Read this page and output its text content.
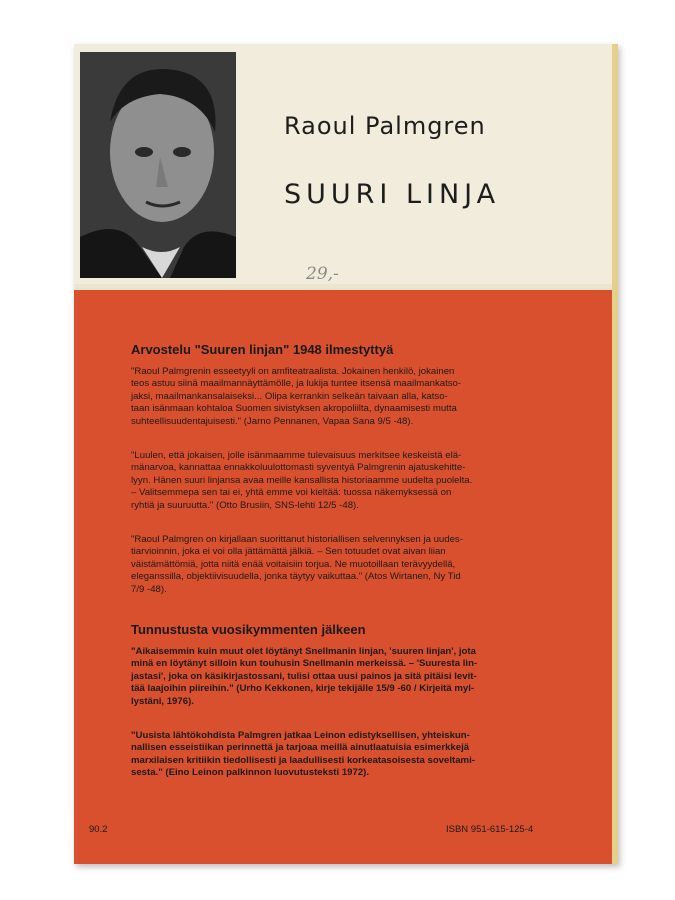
Raoul Palmgren
SUURI LINJA
29,-
Arvostelu "Suuren linjan" 1948 ilmestyttyä

"Raoul Palmgrenin esseetyyli on amfiteatraalista. Jokainen henkilö, jokainen
teos astuu siinä maailmannäyttämölle, ja lukija tuntee itsensä maailmankatso-
jaksi, maailmankansalaiseksi... Olipa kerrankin selkeän taivaan alla, katso-
taan isänmaan kohtaloa Suomen sivistyksen akropoliilta, dynaamisesti mutta
suhteellisuudentajuisesti." (Jarno Pennanen, Vapaa Sana 9/5 -48).

"Luulen, että jokaisen, jolle isänmaamme tulevaisuus merkitsee keskeistä elä-
mänarvoa, kannattaa ennakkoluulottomasti syventyä Palmgrenin ajatuskehitte-
lyyn. Hänen suuri linjansa avaa meille kansallista historiaamme uudelta puolelta.
– Valitsemmepa sen tai ei, yhtä emme voi kieltää: tuossa näkemyksessä on
ryhtiä ja suuruutta." (Otto Brusiin, SNS-lehti 12/5 -48).

"Raoul Palmgren on kirjallaan suorittanut historiallisen selvennyksen ja uudes-
tiarvioinnin, joka ei voi olla jättämättä jälkiä. – Sen totuudet ovat aivan liian
väistämättömiä, jotta niitä enää voitaisiin torjua. Ne muotoillaan terävyydellä,
eleganssilla, objektiivisuudella, jonka täytyy vaikuttaa." (Atos Wirtanen, Ny Tid
7/9 -48).

Tunnustusta vuosikymmenten jälkeen

"Aikaisemmin kuin muut olet löytänyt Snellmanin linjan, 'suuren linjan', jota
minä en löytänyt silloin kun touhusin Snellmanin merkeissä. – 'Suuresta lin-
jastasi', joka on käsikirjastossani, tulisi ottaa uusi painos ja sitä pitäisi levit-
tää laajoihin piireihin." (Urho Kekkonen, kirje tekijälle 15/9 -60 / Kirjeitä myl-
lystäni, 1976).

"Uusista lähtökohdista Palmgren jatkaa Leinon edistyksellisen, yhteiskun-
nallisen esseistiikan perinnettä ja tarjoaa meillä ainutlaatuisia esimerkkejä
marxilaisen kritiikin tiedollisesti ja laadullisesti korkeatasoisesta soveltami-
sesta." (Eino Leinon palkinnon luovutusteksti 1972).

90.2	ISBN 951-615-125-4
